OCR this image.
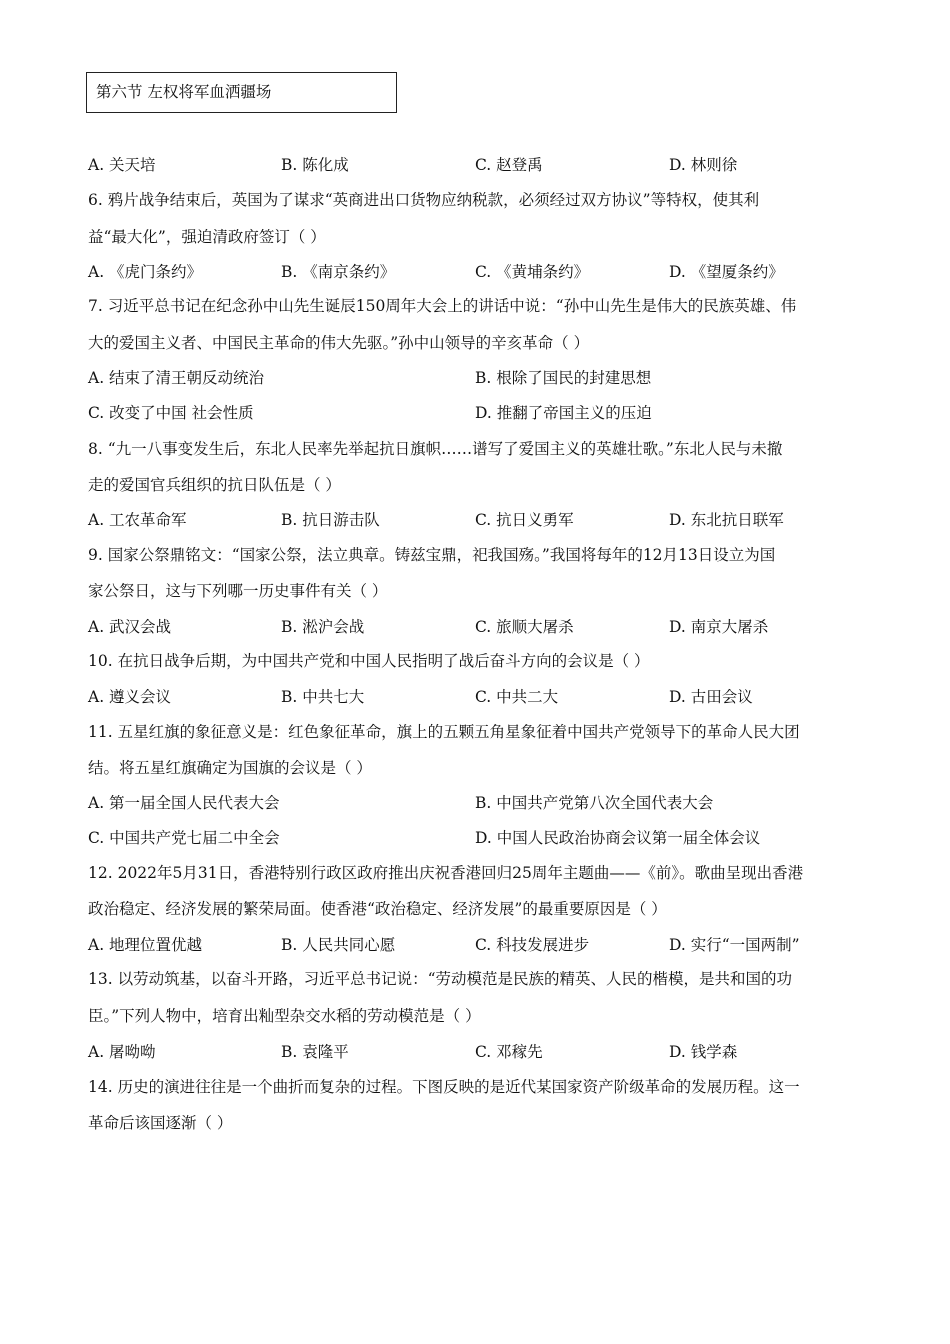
第六节 左权将军血洒疆场
A. 关天培	B. 陈化成	C. 赵登禹	D. 林则徐
6. 鸦片战争结束后，英国为了谋求“英商进出口货物应纳税款，必须经过双方协议”等特权，使其利
益“最大化”，强迫清政府签订（ ）
A. 《虎门条约》	B. 《南京条约》	C. 《黄埔条约》	D. 《望厦条约》
7. 习近平总书记在纪念孙中山先生诞辰150周年大会上的讲话中说：“孙中山先生是伟大的民族英雄、伟
大的爱国主义者、中国民主革命的伟大先驱。”孙中山领导的辛亥革命（ ）
A. 结束了清王朝反动统治	B. 根除了国民的封建思想
C. 改变了中国 社会性质	D. 推翻了帝国主义的压迫
8. “九一八事变发生后，东北人民率先举起抗日旗帜……谱写了爱国主义的英雄壮歌。”东北人民与未撤
走的爱国官兵组织的抗日队伍是（ ）
A. 工农革命军	B. 抗日游击队	C. 抗日义勇军	D. 东北抗日联军
9. 国家公祭鼎铭文：“国家公祭，法立典章。铸兹宝鼎，祀我国殇。”我国将每年的12月13日设立为国
家公祭日，这与下列哪一历史事件有关（ ）
A. 武汉会战	B. 淞沪会战	C. 旅顺大屠杀	D. 南京大屠杀
10. 在抗日战争后期，为中国共产党和中国人民指明了战后奋斗方向的会议是（ ）
A. 遵义会议	B. 中共七大	C. 中共二大	D. 古田会议
11. 五星红旗的象征意义是：红色象征革命，旗上的五颗五角星象征着中国共产党领导下的革命人民大团
结。将五星红旗确定为国旗的会议是（ ）
A. 第一届全国人民代表大会	B. 中国共产党第八次全国代表大会
C. 中国共产党七届二中全会	D. 中国人民政治协商会议第一届全体会议
12. 2022年5月31日，香港特别行政区政府推出庆祝香港回归25周年主题曲——《前》。歌曲呈现出香港
政治稳定、经济发展的繁荣局面。使香港“政治稳定、经济发展”的最重要原因是（ ）
A. 地理位置优越	B. 人民共同心愿	C. 科技发展进步	D. 实行“一国两制”
13. 以劳动筑基，以奋斗开路，习近平总书记说：“劳动模范是民族的精英、人民的楷模，是共和国的功
臣。”下列人物中，培育出籼型杂交水稻的劳动模范是（ ）
A. 屠呦呦	B. 袁隆平	C. 邓稼先	D. 钱学森
14. 历史的演进往往是一个曲折而复杂的过程。下图反映的是近代某国家资产阶级革命的发展历程。这一
革命后该国逐渐（ ）
